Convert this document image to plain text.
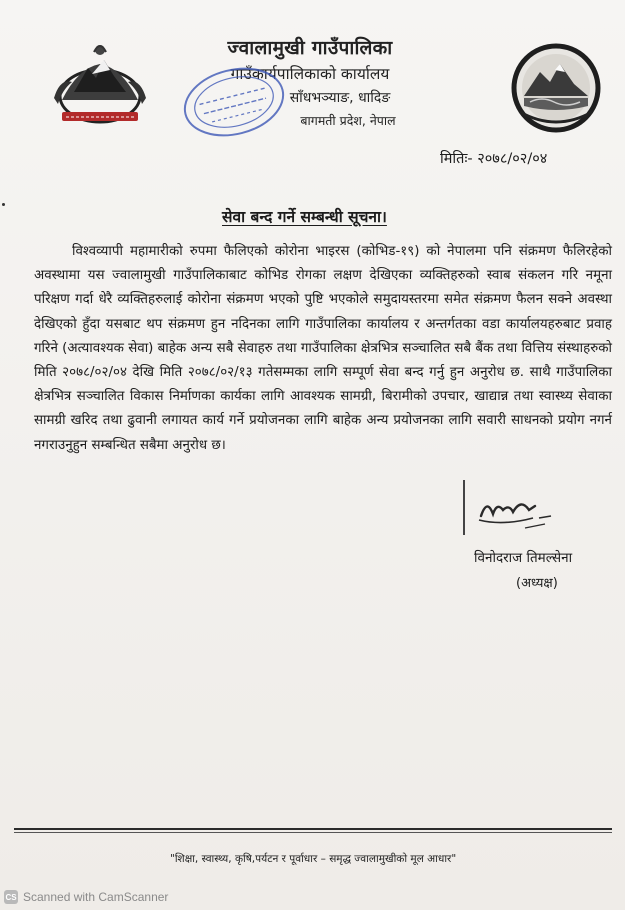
ज्वालामुखी गाउँपालिका
गाउँकार्यपालिकाको कार्यालय
साँधभञ्याङ, धादिङ
बागमती प्रदेश, नेपाल
मितिः- २०७८/०२/०४
सेवा बन्द गर्ने सम्बन्धी सूचना।

विश्वव्यापी महामारीको रुपमा फैलिएको कोरोना भाइरस (कोभिड-१९) को नेपालमा पनि संक्रमण फैलिरहेको अवस्थामा यस ज्वालामुखी गाउँपालिकाबाट कोभिड रोगका लक्षण देखिएका व्यक्तिहरुको स्वाब संकलन गरि नमूना परिक्षण गर्दा धेरै व्यक्तिहरुलाई कोरोना संक्रमण भएको पुष्टि भएकोले समुदायस्तरमा समेत संक्रमण फैलन सक्ने अवस्था देखिएको हुँदा यसबाट थप संक्रमण हुन नदिनका लागि गाउँपालिका कार्यालय र अन्तर्गतका वडा कार्यालयहरुबाट प्रवाह गरिने (अत्यावश्यक सेवा) बाहेक अन्य सबै सेवाहरु तथा गाउँपालिका क्षेत्रभित्र सञ्चालित सबै बैंक तथा वित्तिय संस्थाहरुको मिति २०७८/०२/०४ देखि मिति २०७८/०२/१३ गतेसम्मका लागि सम्पूर्ण सेवा बन्द गर्नु हुन अनुरोध छ. साथै गाउँपालिका क्षेत्रभित्र सञ्चालित विकास निर्माणका कार्यका लागि आवश्यक सामग्री, बिरामीको उपचार, खाद्यान्न तथा स्वास्थ्य सेवाका सामग्री खरिद तथा ढुवानी लगायत कार्य गर्ने प्रयोजनका लागि बाहेक अन्य प्रयोजनका लागि सवारी साधनको प्रयोग नगर्न नगराउनुहुन सम्बन्धित सबैमा अनुरोध छ।

विनोदराज तिमल्सेना
(अध्यक्ष)
"शिक्षा, स्वास्थ्य, कृषि,पर्यटन र पूर्वाधार – समृद्ध ज्वालामुखीको मूल आधार"
CS Scanned with CamScanner
